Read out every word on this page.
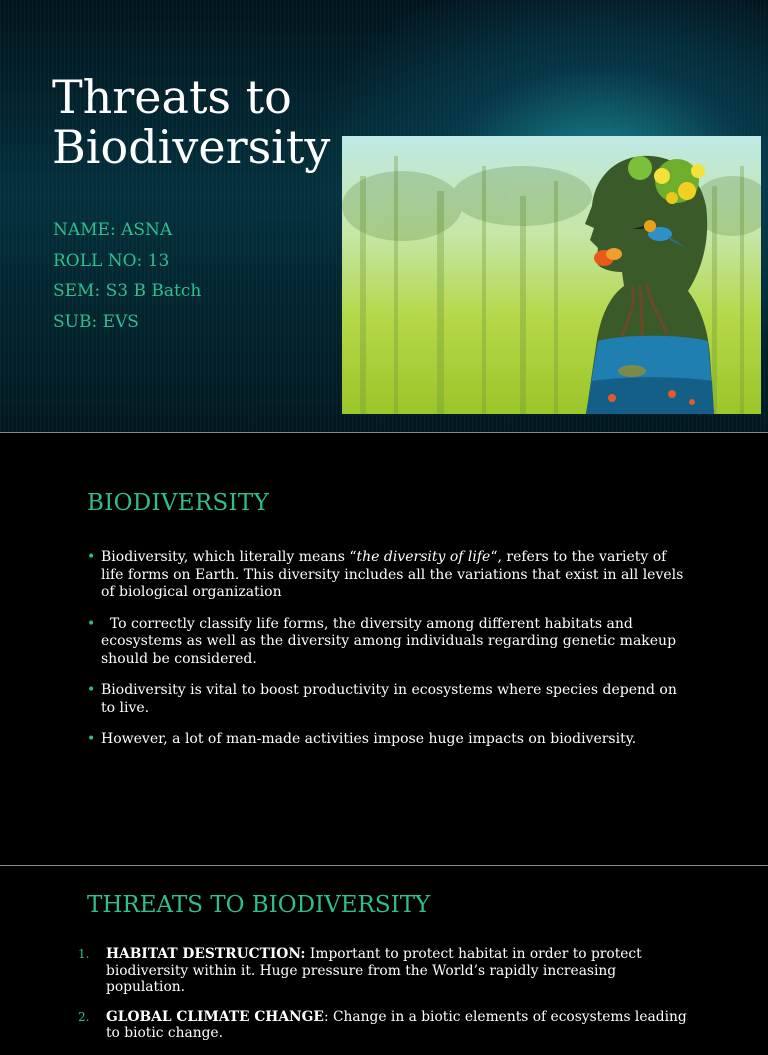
Threats to
Biodiversity
NAME: ASNA
ROLL NO: 13
SEM: S3 B Batch
SUB: EVS
BIODIVERSITY
• Biodiversity, which literally means “the diversity of life“, refers to the variety of life forms on Earth. This diversity includes all the variations that exist in all levels of biological organization
• To correctly classify life forms, the diversity among different habitats and ecosystems as well as the diversity among individuals regarding genetic makeup should be considered.
• Biodiversity is vital to boost productivity in ecosystems where species depend on to live.
• However, a lot of man-made activities impose huge impacts on biodiversity.
THREATS TO BIODIVERSITY
1. HABITAT DESTRUCTION: Important to protect habitat in order to protect biodiversity within it. Huge pressure from the World’s rapidly increasing population.
2. GLOBAL CLIMATE CHANGE: Change in a biotic elements of ecosystems leading to biotic change.
